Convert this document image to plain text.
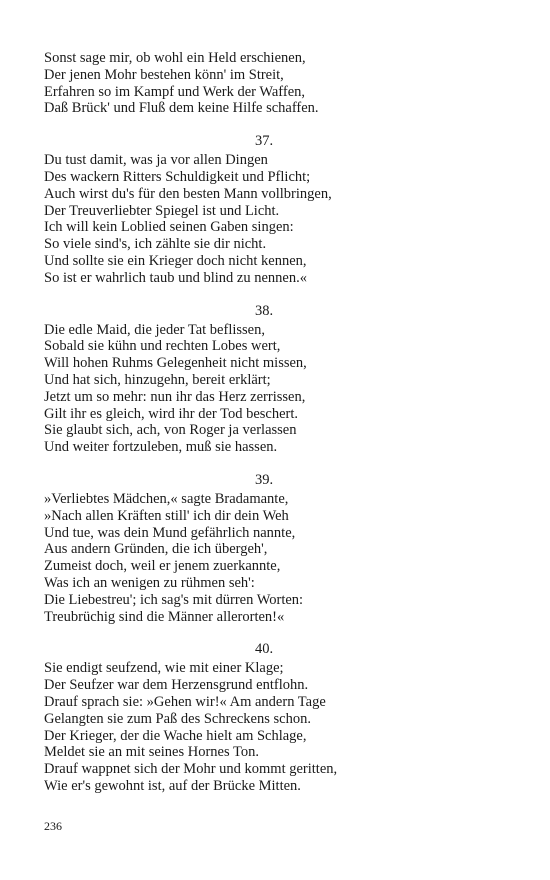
Sonst sage mir, ob wohl ein Held erschienen,
Der jenen Mohr bestehen könn' im Streit,
Erfahren so im Kampf und Werk der Waffen,
Daß Brück' und Fluß dem keine Hilfe schaffen.
37.
Du tust damit, was ja vor allen Dingen
Des wackern Ritters Schuldigkeit und Pflicht;
Auch wirst du's für den besten Mann vollbringen,
Der Treuverliebter Spiegel ist und Licht.
Ich will kein Loblied seinen Gaben singen:
So viele sind's, ich zählte sie dir nicht.
Und sollte sie ein Krieger doch nicht kennen,
So ist er wahrlich taub und blind zu nennen.«
38.
Die edle Maid, die jeder Tat beflissen,
Sobald sie kühn und rechten Lobes wert,
Will hohen Ruhms Gelegenheit nicht missen,
Und hat sich, hinzugehn, bereit erklärt;
Jetzt um so mehr: nun ihr das Herz zerrissen,
Gilt ihr es gleich, wird ihr der Tod beschert.
Sie glaubt sich, ach, von Roger ja verlassen
Und weiter fortzuleben, muß sie hassen.
39.
»Verliebtes Mädchen,« sagte Bradamante,
»Nach allen Kräften still' ich dir dein Weh
Und tue, was dein Mund gefährlich nannte,
Aus andern Gründen, die ich übergeh',
Zumeist doch, weil er jenem zuerkannte,
Was ich an wenigen zu rühmen seh':
Die Liebestreu'; ich sag's mit dürren Worten:
Treubrüchig sind die Männer allerorten!«
40.
Sie endigt seufzend, wie mit einer Klage;
Der Seufzer war dem Herzensgrund entflohn.
Drauf sprach sie: »Gehen wir!« Am andern Tage
Gelangten sie zum Paß des Schreckens schon.
Der Krieger, der die Wache hielt am Schlage,
Meldet sie an mit seines Hornes Ton.
Drauf wappnet sich der Mohr und kommt geritten,
Wie er's gewohnt ist, auf der Brücke Mitten.
236
